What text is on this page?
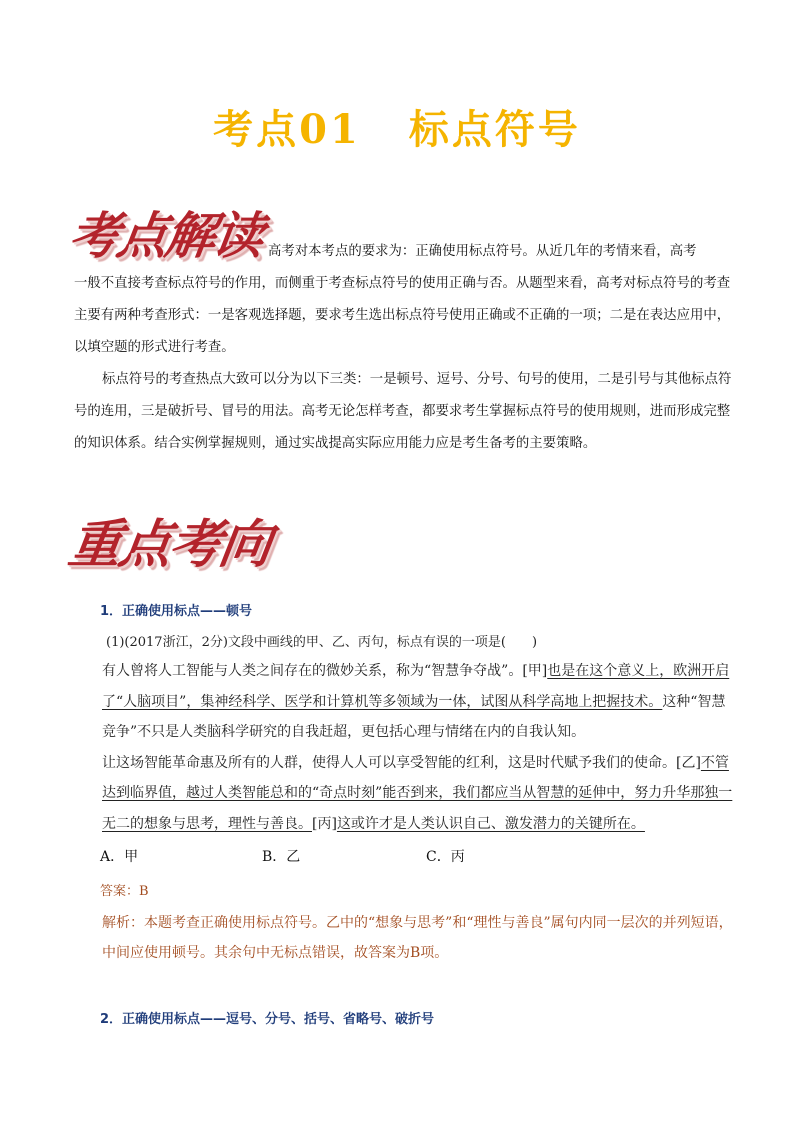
考点01 标点符号
考点解读 高考对本考点的要求为：正确使用标点符号。从近几年的考情来看，高考
一般不直接考查标点符号的作用，而侧重于考查标点符号的使用正确与否。从题型来看，高考对标点符号的考查主要有两种考查形式：一是客观选择题，要求考生选出标点符号使用正确或不正确的一项；二是在表达应用中，以填空题的形式进行考查。
标点符号的考查热点大致可以分为以下三类：一是顿号、逗号、分号、句号的使用，二是引号与其他标点符号的连用，三是破折号、冒号的用法。高考无论怎样考查，都要求考生掌握标点符号的使用规则，进而形成完整的知识体系。结合实例掌握规则，通过实战提高实际应用能力应是考生备考的主要策略。
重点考向
1．正确使用标点——顿号
(1)(2017浙江，2分)文段中画线的甲、乙、丙句，标点有误的一项是(　　)
有人曾将人工智能与人类之间存在的微妙关系，称为“智慧争夺战”。[甲]也是在这个意义上，欧洲开启了“人脑项目”，集神经科学、医学和计算机等多领域为一体，试图从科学高地上把握技术。这种“智慧竞争”不只是人类脑科学研究的自我赶超，更包括心理与情绪在内的自我认知。
让这场智能革命惠及所有的人群，使得人人可以享受智能的红利，这是时代赋予我们的使命。[乙]不管达到临界值，越过人类智能总和的“奇点时刻”能否到来，我们都应当从智慧的延伸中，努力升华那独一无二的想象与思考，理性与善良。[丙]这或许才是人类认识自己、激发潜力的关键所在。
A．甲	B．乙	C．丙
答案：B
解析：本题考查正确使用标点符号。乙中的“想象与思考”和“理性与善良”属句内同一层次的并列短语，中间应使用顿号。其余句中无标点错误，故答案为B项。
2．正确使用标点——逗号、分号、括号、省略号、破折号
